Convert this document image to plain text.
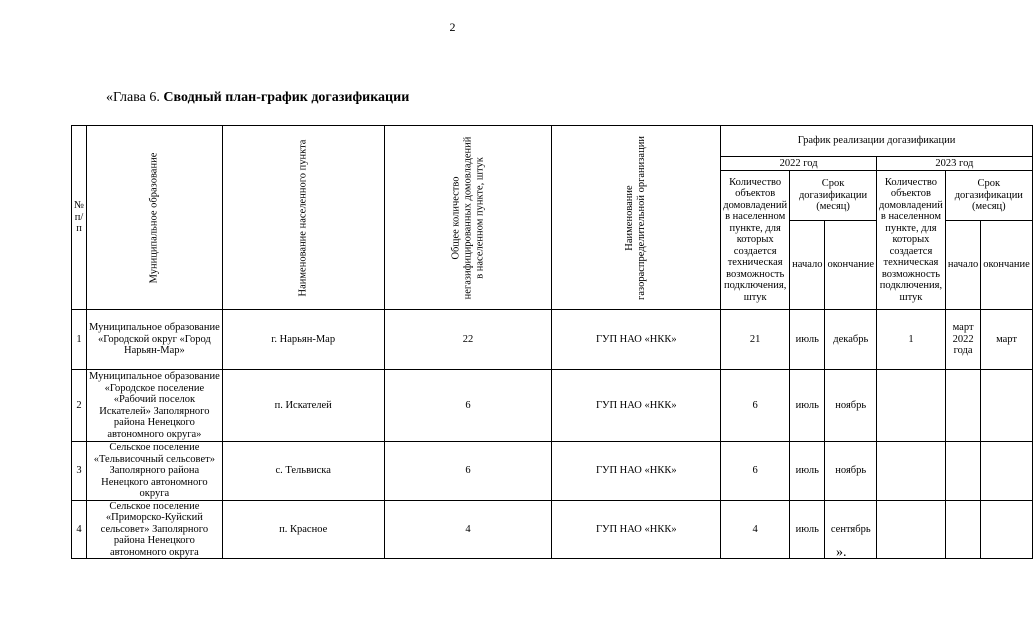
2
«Глава 6. Сводный план-график догазификации
№ п/п	Муниципальное образование	Наименование населенного пункта	Общее количество
негазифицированных домовладений
в населенном пункте, штук	Наименование
газораспределительной организации	График реализации догазификации					
					2022 год			2023 год		
					Количество объектов домовладений в населенном пункте, для которых создается техническая возможность подключения, штук	Срок догазификации (месяц)		Количество объектов домовладений в населенном пункте, для которых создается техническая возможность подключения, штук	Срок догазификации (месяц)	
						начало	окончание		начало	окончание
1	Муниципальное образование «Городской округ «Город Нарьян-Мар»	г. Нарьян-Мар	22	ГУП НАО «НКК»	21	июль	декабрь	1	март 2022 года	март
2	Муниципальное образование «Городское поселение «Рабочий поселок Искателей» Заполярного района Ненецкого автономного округа»	п. Искателей	6	ГУП НАО «НКК»	6	июль	ноябрь			
3	Сельское поселение «Тельвисочный сельсовет» Заполярного района Ненецкого автономного округа	с. Тельвиска	6	ГУП НАО «НКК»	6	июль	ноябрь			
4	Сельское поселение «Приморско-Куйский сельсовет» Заполярного района Ненецкого автономного округа	п. Красное	4	ГУП НАО «НКК»	4	июль	сентябрь			
».
